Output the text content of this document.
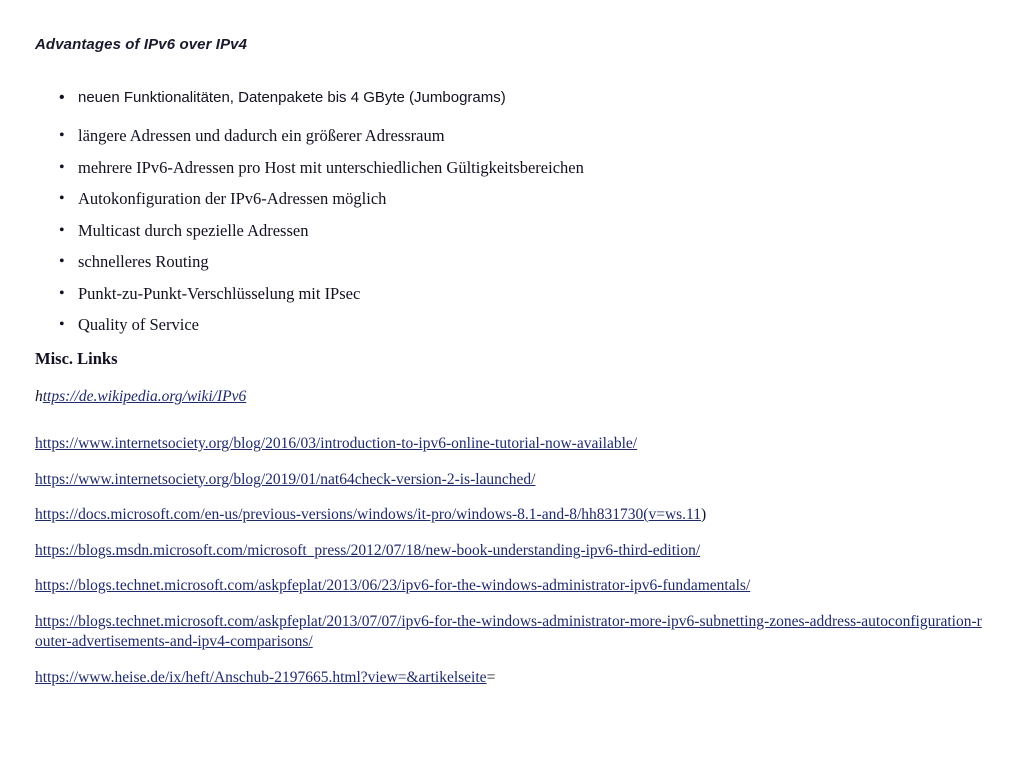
Advantages of IPv6 over IPv4
• neuen Funktionalitäten, Datenpakete bis 4 GByte (Jumbograms)
• längere Adressen und dadurch ein größerer Adressraum
• mehrere IPv6-Adressen pro Host mit unterschiedlichen Gültigkeitsbereichen
• Autokonfiguration der IPv6-Adressen möglich
• Multicast durch spezielle Adressen
• schnelleres Routing
• Punkt-zu-Punkt-Verschlüsselung mit IPsec
• Quality of Service
Misc. Links
https://de.wikipedia.org/wiki/IPv6
https://www.internetsociety.org/blog/2016/03/introduction-to-ipv6-online-tutorial-now-available/
https://www.internetsociety.org/blog/2019/01/nat64check-version-2-is-launched/
https://docs.microsoft.com/en-us/previous-versions/windows/it-pro/windows-8.1-and-8/hh831730(v=ws.11)
https://blogs.msdn.microsoft.com/microsoft_press/2012/07/18/new-book-understanding-ipv6-third-edition/
https://blogs.technet.microsoft.com/askpfeplat/2013/06/23/ipv6-for-the-windows-administrator-ipv6-fundamentals/
https://blogs.technet.microsoft.com/askpfeplat/2013/07/07/ipv6-for-the-windows-administrator-more-ipv6-subnetting-zones-address-autoconfiguration-router-advertisements-and-ipv4-comparisons/
https://www.heise.de/ix/heft/Anschub-2197665.html?view=&artikelseite=
